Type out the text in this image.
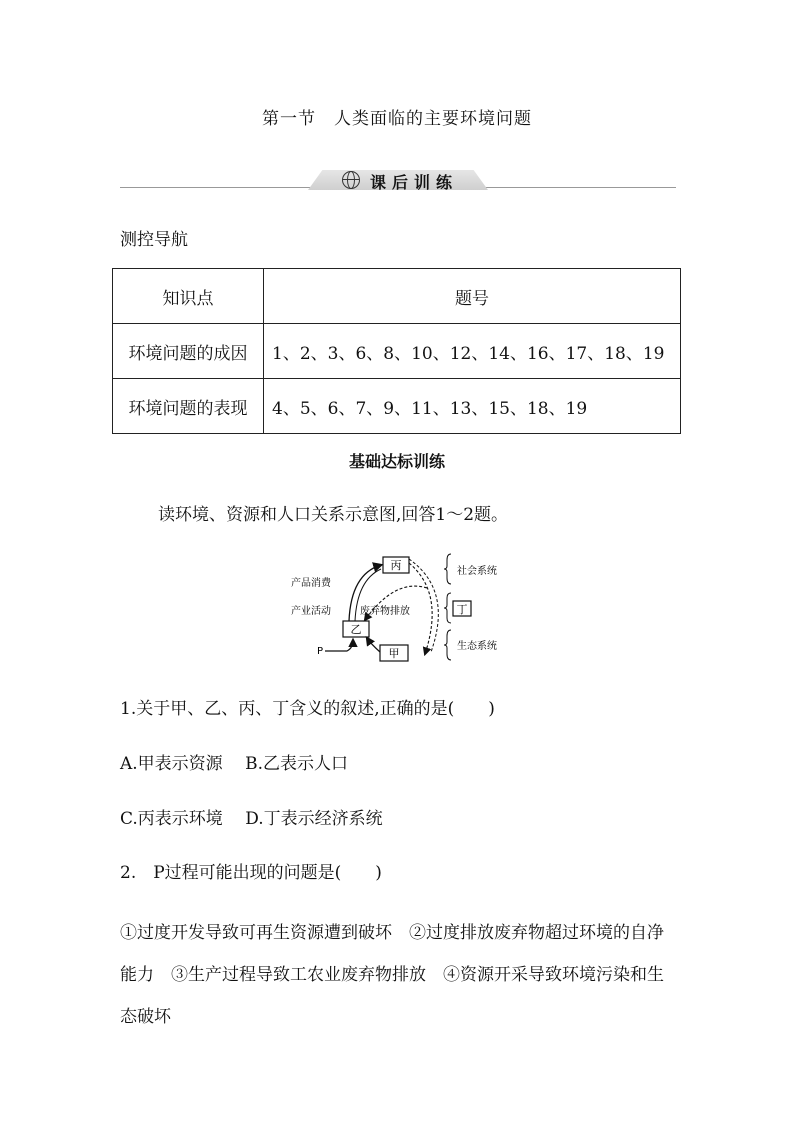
第一节　人类面临的主要环境问题
课后训练
测控导航
知识点	题号
环境问题的成因	1、2、3、6、8、10、12、14、16、17、18、19
环境问题的表现	4、5、6、7、9、11、13、15、18、19
基础达标训练
读环境、资源和人口关系示意图,回答1～2题。
丙
乙
甲
丁
产品消费
产业活动	废弃物排放
P
社会系统
生态系统
1.关于甲、乙、丙、丁含义的叙述,正确的是(　　)
A.甲表示资源　 B.乙表示人口
C.丙表示环境　 D.丁表示经济系统
2.　P过程可能出现的问题是(　　)
①过度开发导致可再生资源遭到破坏　②过度排放废弃物超过环境的自净能力　③生产过程导致工农业废弃物排放　④资源开采导致环境污染和生态破坏
